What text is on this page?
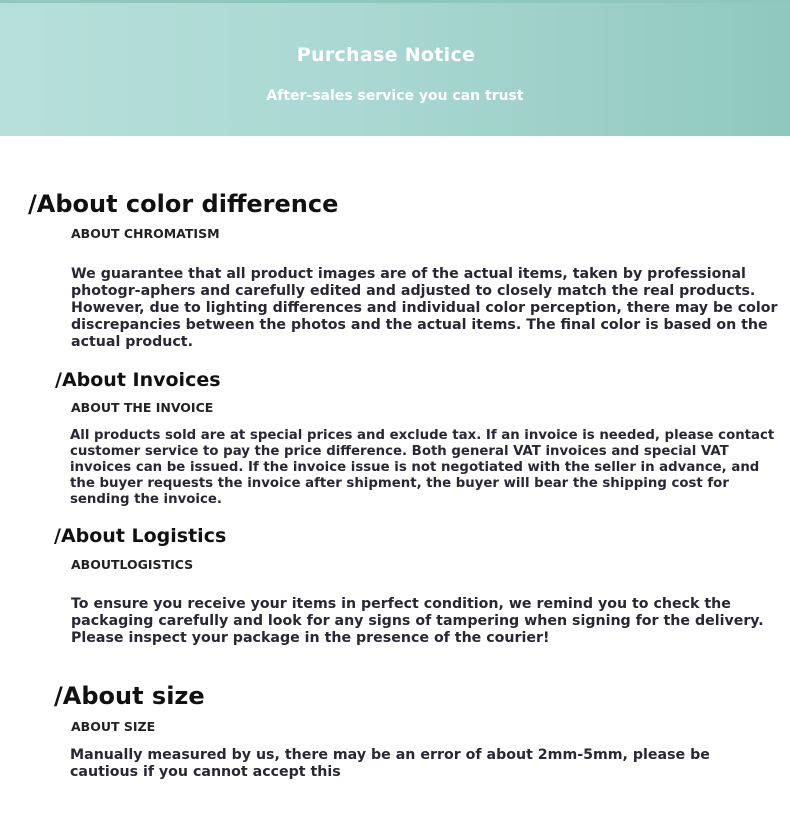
Purchase Notice
After-sales service you can trust
/About color difference
ABOUT CHROMATISM
We guarantee that all product images are of the actual items, taken by professional photogr-aphers and carefully edited and adjusted to closely match the real products. However, due to lighting differences and individual color perception, there may be color discrepancies between the photos and the actual items. The final color is based on the actual product.
/About Invoices
ABOUT THE INVOICE
All products sold are at special prices and exclude tax. If an invoice is needed, please contact customer service to pay the price difference. Both general VAT invoices and special VAT invoices can be issued. If the invoice issue is not negotiated with the seller in advance, and the buyer requests the invoice after shipment, the buyer will bear the shipping cost for sending the invoice.
/About Logistics
ABOUTLOGISTICS
To ensure you receive your items in perfect condition, we remind you to check the packaging carefully and look for any signs of tampering when signing for the delivery. Please inspect your package in the presence of the courier!
/About size
ABOUT SIZE
Manually measured by us, there may be an error of about 2mm-5mm, please be cautious if you cannot accept this
